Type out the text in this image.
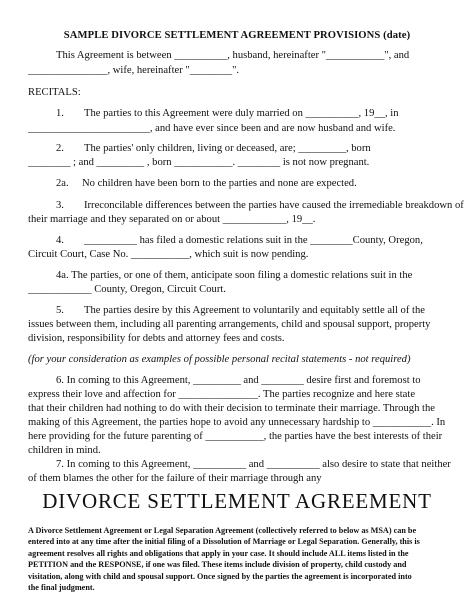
SAMPLE DIVORCE SETTLEMENT AGREEMENT PROVISIONS (date)
This Agreement is between __________, husband, hereinafter "___________", and
_______________, wife, hereinafter "________".
RECITALS:
1. The parties to this Agreement were duly married on __________, 19__, in
_______________________, and have ever since been and are now husband and wife.
2. The parties' only children, living or deceased, are; _________, born
________ ; and _________ , born ___________. ________ is not now pregnant.
2a. No children have been born to the parties and none are expected.
3. Irreconcilable differences between the parties have caused the irremediable breakdown of
their marriage and they separated on or about ____________, 19__.
4. __________ has filed a domestic relations suit in the ________County, Oregon,
Circuit Court, Case No. ___________, which suit is now pending.
4a. The parties, or one of them, anticipate soon filing a domestic relations suit in the
____________ County, Oregon, Circuit Court.
5. The parties desire by this Agreement to voluntarily and equitably settle all of the
issues between them, including all parenting arrangements, child and spousal support, property
division, responsibility for debts and attorney fees and costs.
(for your consideration as examples of possible personal recital statements - not required)
6. In coming to this Agreement, _________ and ________ desire first and foremost to
express their love and affection for _______________. The parties recognize and here state
that their children had nothing to do with their decision to terminate their marriage. Through the
making of this Agreement, the parties hope to avoid any unnecessary hardship to ___________. In
here providing for the future parenting of ___________, the parties have the best interests of their
children in mind.
7. In coming to this Agreement, __________ and __________ also desire to state that neither
of them blames the other for the failure of their marriage through any
DIVORCE SETTLEMENT AGREEMENT
A Divorce Settlement Agreement or Legal Separation Agreement (collectively referred to below as MSA) can be
entered into at any time after the initial filing of a Dissolution of Marriage or Legal Separation. Generally, this is
agreement resolves all rights and obligations that apply in your case. It should include ALL items listed in the
PETITION and the RESPONSE, if one was filed. These items include division of property, child custody and
visitation, along with child and spousal support. Once signed by the parties the agreement is incorporated into
the final judgment.
